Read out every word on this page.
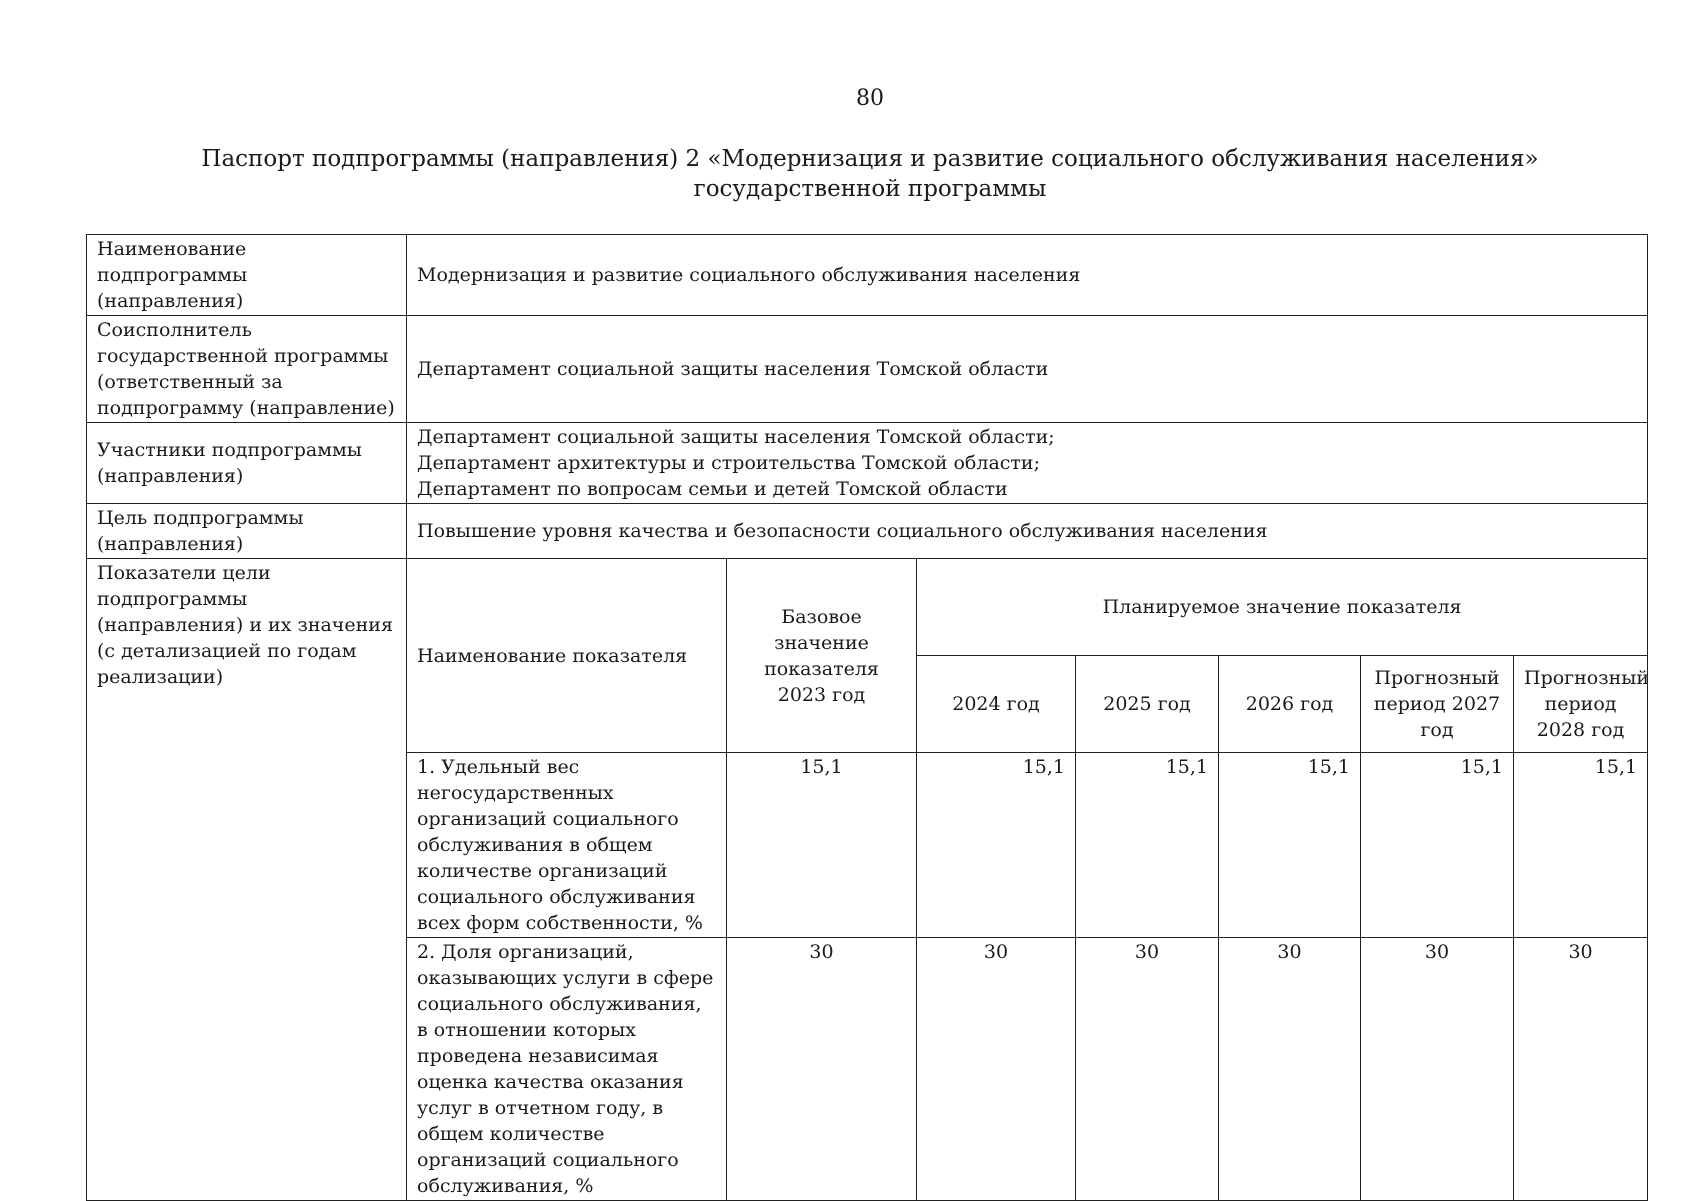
80
Паспорт подпрограммы (направления) 2 «Модернизация и развитие социального обслуживания населения»
государственной программы
Наименование подпрограммы (направления)	Модернизация и развитие социального обслуживания населения						
Соисполнитель государственной программы (ответственный за подпрограмму (направление)	Департамент социальной защиты населения Томской области						
Участники подпрограммы (направления)	Департамент социальной защиты населения Томской области;
Департамент архитектуры и строительства Томской области;
Департамент по вопросам семьи и детей Томской области						

Цель подпрограммы (направления)	Повышение уровня качества и безопасности социального обслуживания населения						
Показатели цели подпрограммы (направления) и их значения (с детализацией по годам реализации)	Наименование показателя	Базовое значение показателя 2023 год	Планируемое значение показателя				
			2024 год	2025 год	2026 год	Прогнозный период 2027 год	Прогнозный период 2028 год
	1. Удельный вес негосударственных организаций социального обслуживания в общем количестве организаций социального обслуживания всех форм собственности, %	15,1	15,1	15,1	15,1	15,1	15,1
	2. Доля организаций, оказывающих услуги в сфере социального обслуживания, в отношении которых проведена независимая оценка качества оказания услуг в отчетном году, в общем количестве организаций социального обслуживания, %	30	30	30	30	30	30
